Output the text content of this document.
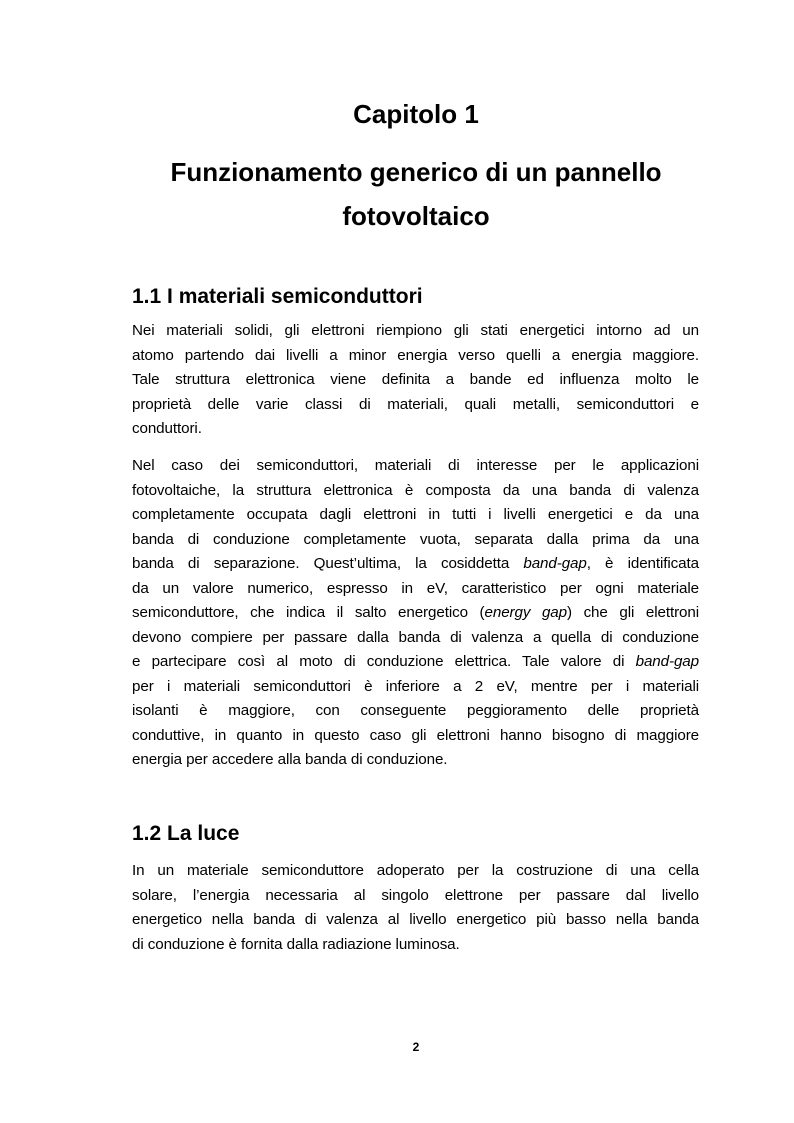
Capitolo 1
Funzionamento generico di un pannello fotovoltaico
1.1 I materiali semiconduttori
Nei materiali solidi, gli elettroni riempiono gli stati energetici intorno ad un
atomo partendo dai livelli a minor energia verso quelli a energia maggiore.
Tale struttura elettronica viene definita a bande ed influenza molto le
proprietà delle varie classi di materiali, quali metalli, semiconduttori e
conduttori.
Nel caso dei semiconduttori, materiali di interesse per le applicazioni
fotovoltaiche, la struttura elettronica è composta da una banda di valenza
completamente occupata dagli elettroni in tutti i livelli energetici e da una
banda di conduzione completamente vuota, separata dalla prima da una
banda di separazione. Quest’ultima, la cosiddetta band-gap, è identificata
da un valore numerico, espresso in eV, caratteristico per ogni materiale
semiconduttore, che indica il salto energetico (energy gap) che gli elettroni
devono compiere per passare dalla banda di valenza a quella di conduzione
e partecipare così al moto di conduzione elettrica. Tale valore di band-gap
per i materiali semiconduttori è inferiore a 2 eV, mentre per i materiali
isolanti è maggiore, con conseguente peggioramento delle proprietà
conduttive, in quanto in questo caso gli elettroni hanno bisogno di maggiore
energia per accedere alla banda di conduzione.
1.2 La luce
In un materiale semiconduttore adoperato per la costruzione di una cella
solare, l’energia necessaria al singolo elettrone per passare dal livello
energetico nella banda di valenza al livello energetico più basso nella banda
di conduzione è fornita dalla radiazione luminosa.
2
